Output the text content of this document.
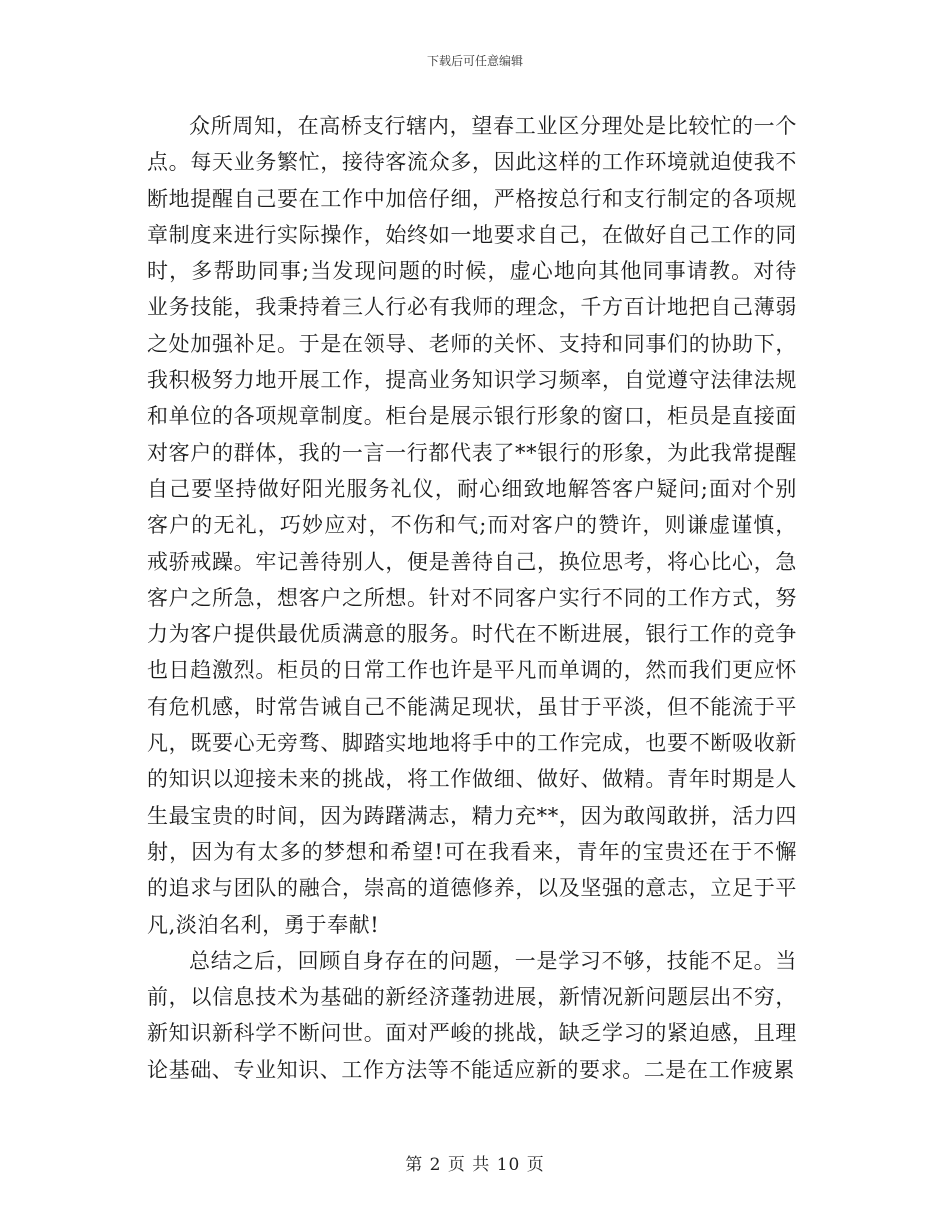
下载后可任意编辑

众所周知，在高桥支行辖内，望春工业区分理处是比较忙的一个点。每天业务繁忙，接待客流众多，因此这样的工作环境就迫使我不断地提醒自己要在工作中加倍仔细，严格按总行和支行制定的各项规章制度来进行实际操作，始终如一地要求自己，在做好自己工作的同时，多帮助同事;当发现问题的时候，虚心地向其他同事请教。对待业务技能，我秉持着三人行必有我师的理念，千方百计地把自己薄弱之处加强补足。于是在领导、老师的关怀、支持和同事们的协助下，我积极努力地开展工作，提高业务知识学习频率，自觉遵守法律法规和单位的各项规章制度。柜台是展示银行形象的窗口，柜员是直接面对客户的群体，我的一言一行都代表了**银行的形象，为此我常提醒自己要坚持做好阳光服务礼仪，耐心细致地解答客户疑问;面对个别客户的无礼，巧妙应对，不伤和气;而对客户的赞许，则谦虚谨慎，戒骄戒躁。牢记善待别人，便是善待自己，换位思考，将心比心，急客户之所急，想客户之所想。针对不同客户实行不同的工作方式，努力为客户提供最优质满意的服务。时代在不断进展，银行工作的竞争也日趋激烈。柜员的日常工作也许是平凡而单调的，然而我们更应怀有危机感，时常告诫自己不能满足现状，虽甘于平淡，但不能流于平凡，既要心无旁骛、脚踏实地地将手中的工作完成，也要不断吸收新的知识以迎接未来的挑战，将工作做细、做好、做精。青年时期是人生最宝贵的时间，因为踌躇满志，精力充**，因为敢闯敢拼，活力四射，因为有太多的梦想和希望!可在我看来，青年的宝贵还在于不懈的追求与团队的融合，崇高的道德修养，以及坚强的意志，立足于平凡,淡泊名利，勇于奉献!

总结之后，回顾自身存在的问题，一是学习不够，技能不足。当前，以信息技术为基础的新经济蓬勃进展，新情况新问题层出不穷，新知识新科学不断问世。面对严峻的挑战，缺乏学习的紧迫感，且理论基础、专业知识、工作方法等不能适应新的要求。二是在工作疲累

第 2 页 共 10 页
